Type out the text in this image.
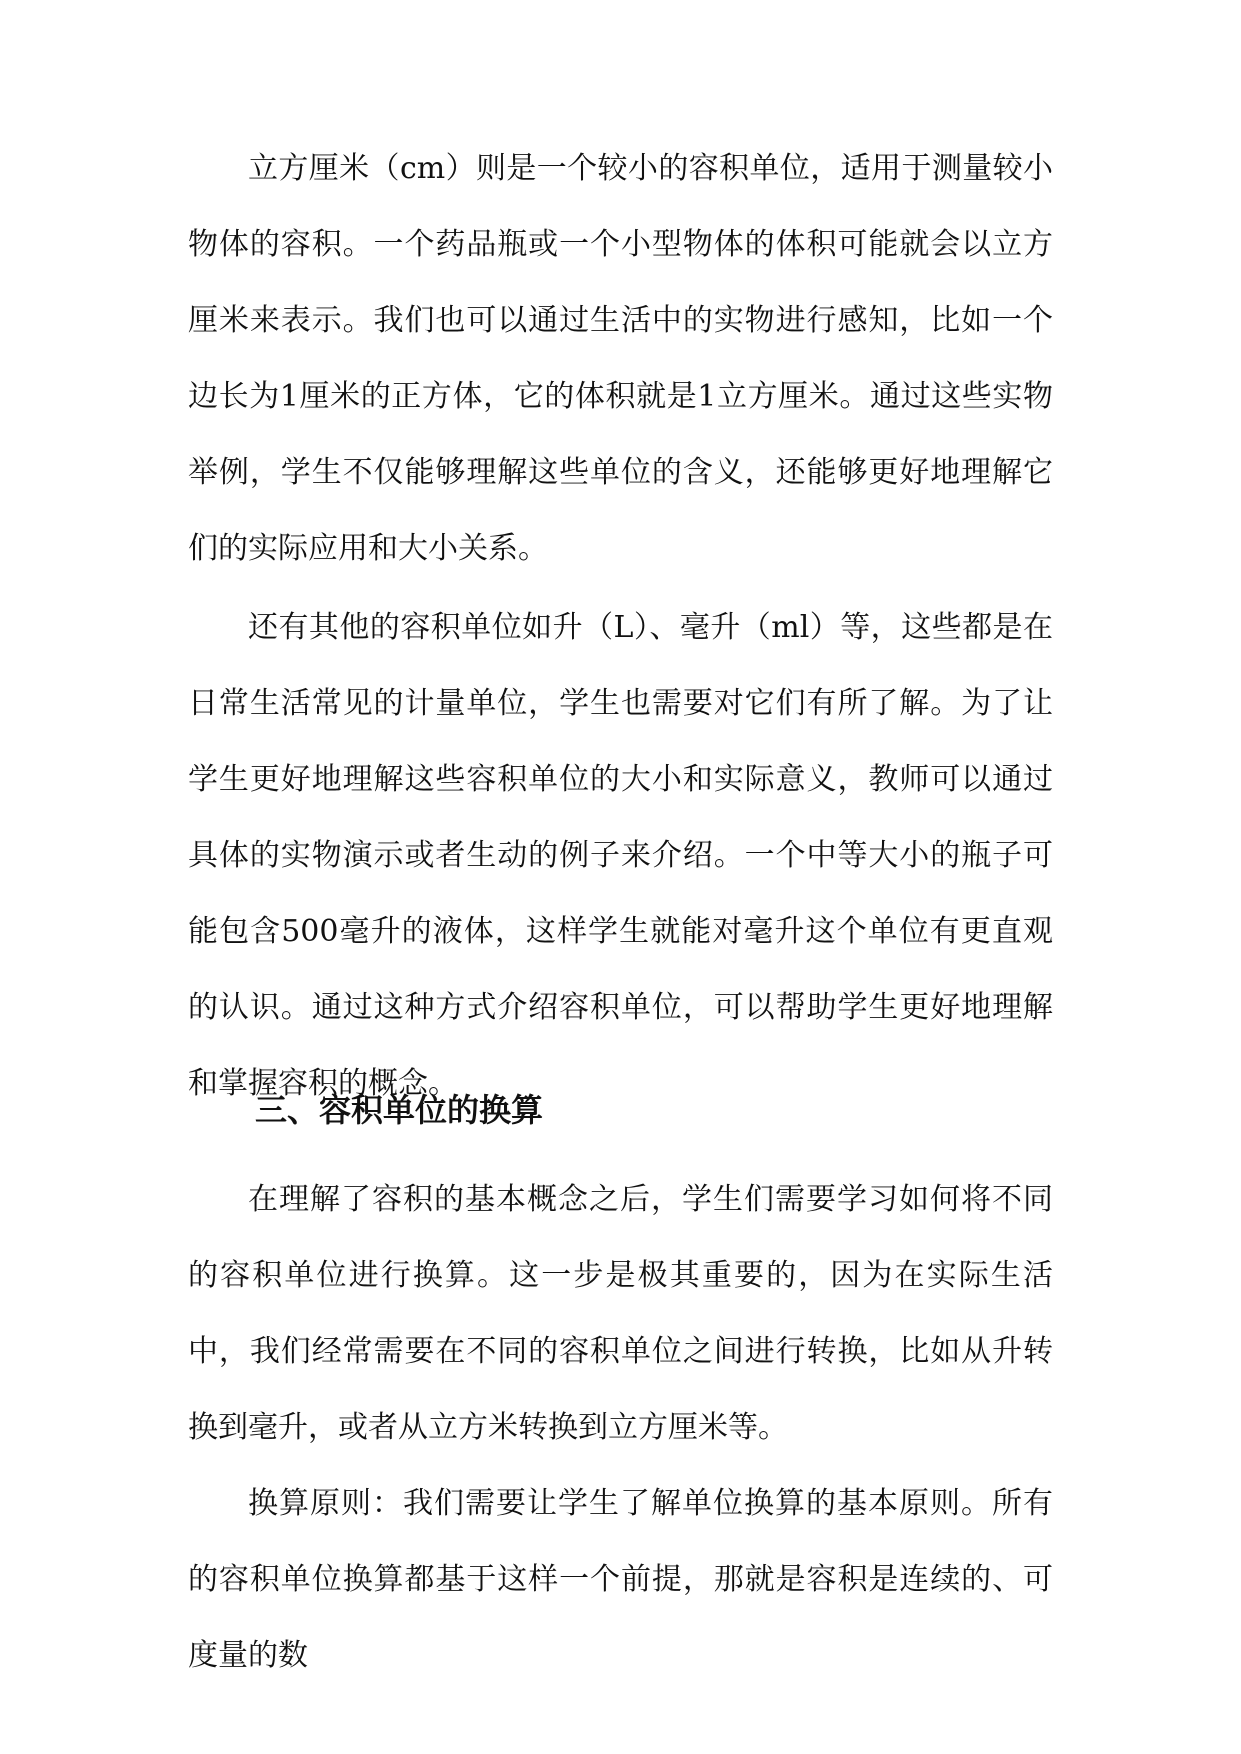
立方厘米（cm）则是一个较小的容积单位，适用于测量较小物体的容积。一个药品瓶或一个小型物体的体积可能就会以立方厘米来表示。我们也可以通过生活中的实物进行感知，比如一个边长为1厘米的正方体，它的体积就是1立方厘米。通过这些实物举例，学生不仅能够理解这些单位的含义，还能够更好地理解它们的实际应用和大小关系。

还有其他的容积单位如升（L）、毫升（ml）等，这些都是在日常生活常见的计量单位，学生也需要对它们有所了解。为了让学生更好地理解这些容积单位的大小和实际意义，教师可以通过具体的实物演示或者生动的例子来介绍。一个中等大小的瓶子可能包含500毫升的液体，这样学生就能对毫升这个单位有更直观的认识。通过这种方式介绍容积单位，可以帮助学生更好地理解和掌握容积的概念。

三、容积单位的换算

在理解了容积的基本概念之后，学生们需要学习如何将不同的容积单位进行换算。这一步是极其重要的，因为在实际生活中，我们经常需要在不同的容积单位之间进行转换，比如从升转换到毫升，或者从立方米转换到立方厘米等。

换算原则：我们需要让学生了解单位换算的基本原则。所有的容积单位换算都基于这样一个前提，那就是容积是连续的、可度量的数
